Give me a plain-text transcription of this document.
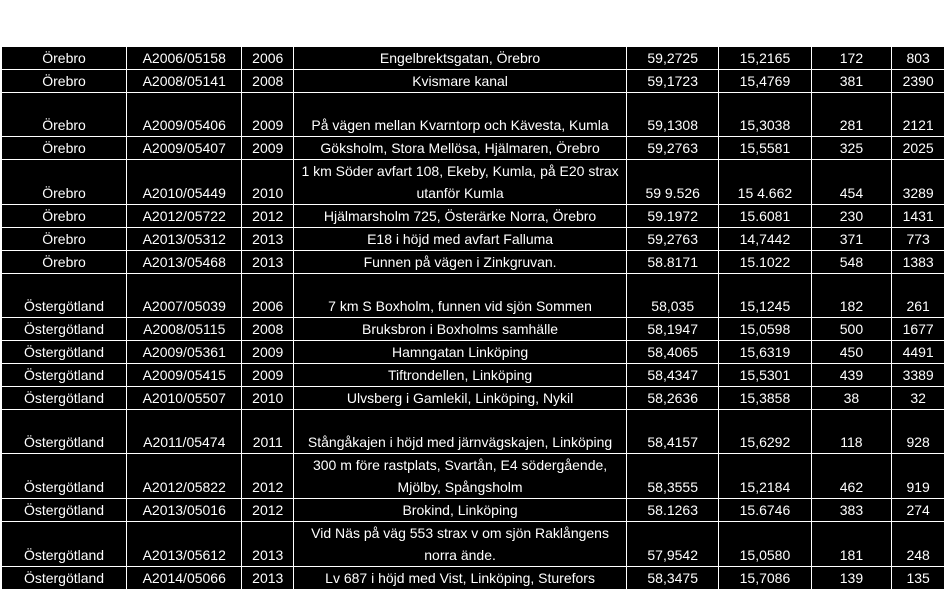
Örebro	A2006/05158	2006	Engelbrektsgatan, Örebro	59,2725	15,2165	172	803
Örebro	A2008/05141	2008	Kvismare kanal	59,1723	15,4769	381	2390
Örebro	A2009/05406	2009	På vägen mellan Kvarntorp och Kävesta, Kumla	59,1308	15,3038	281	2121
Örebro	A2009/05407	2009	Göksholm, Stora Mellösa, Hjälmaren, Örebro	59,2763	15,5581	325	2025
Örebro	A2010/05449	2010	1 km Söder avfart 108, Ekeby, Kumla, på E20 strax utanför Kumla	59 9.526	15 4.662	454	3289
Örebro	A2012/05722	2012	Hjälmarsholm 725, Österärke Norra, Örebro	59.1972	15.6081	230	1431
Örebro	A2013/05312	2013	E18 i höjd med avfart Falluma	59,2763	14,7442	371	773
Örebro	A2013/05468	2013	Funnen på vägen i Zinkgruvan.	58.8171	15.1022	548	1383
Östergötland	A2007/05039	2006	7 km S Boxholm, funnen vid sjön Sommen	58,035	15,1245	182	261
Östergötland	A2008/05115	2008	Bruksbron i Boxholms samhälle	58,1947	15,0598	500	1677
Östergötland	A2009/05361	2009	Hamngatan Linköping	58,4065	15,6319	450	4491
Östergötland	A2009/05415	2009	Tiftrondellen, Linköping	58,4347	15,5301	439	3389
Östergötland	A2010/05507	2010	Ulvsberg i Gamlekil, Linköping, Nykil	58,2636	15,3858	38	32
Östergötland	A2011/05474	2011	Stångåkajen i höjd med järnvägskajen, Linköping	58,4157	15,6292	118	928
Östergötland	A2012/05822	2012	300 m före rastplats, Svartån, E4 södergående, Mjölby, Spångsholm	58,3555	15,2184	462	919
Östergötland	A2013/05016	2012	Brokind, Linköping	58.1263	15.6746	383	274
Östergötland	A2013/05612	2013	Vid Näs på väg 553 strax v om sjön Raklångens norra ände.	57,9542	15,0580	181	248
Östergötland	A2014/05066	2013	Lv 687 i höjd med Vist, Linköping, Sturefors	58,3475	15,7086	139	135
